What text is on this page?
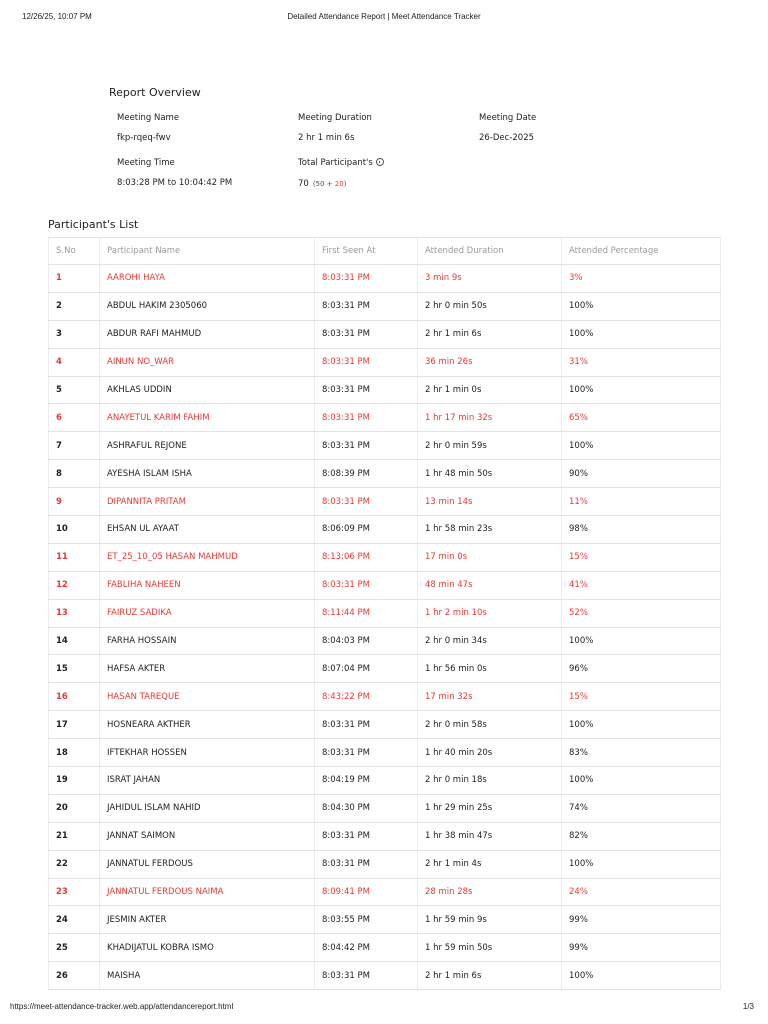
12/26/25, 10:07 PM	Detailed Attendance Report | Meet Attendance Tracker
Report Overview
Meeting Name
fkp-rqeq-fwv
Meeting Duration
2 hr 1 min 6s
Meeting Date
26-Dec-2025
Meeting Time
8:03:28 PM to 10:04:42 PM
Total Participant's
70 (50 + 20)
Participant's List
S.No	Participant Name	First Seen At	Attended Duration	Attended Percentage
1	AAROHI HAYA	8:03:31 PM	3 min 9s	3%
2	ABDUL HAKIM 2305060	8:03:31 PM	2 hr 0 min 50s	100%
3	ABDUR RAFI MAHMUD	8:03:31 PM	2 hr 1 min 6s	100%
4	AINUN NO_WAR	8:03:31 PM	36 min 26s	31%
5	AKHLAS UDDIN	8:03:31 PM	2 hr 1 min 0s	100%
6	ANAYETUL KARIM FAHIM	8:03:31 PM	1 hr 17 min 32s	65%
7	ASHRAFUL REJONE	8:03:31 PM	2 hr 0 min 59s	100%
8	AYESHA ISLAM ISHA	8:08:39 PM	1 hr 48 min 50s	90%
9	DIPANNITA PRITAM	8:03:31 PM	13 min 14s	11%
10	EHSAN UL AYAAT	8:06:09 PM	1 hr 58 min 23s	98%
11	ET_25_10_05 HASAN MAHMUD	8:13:06 PM	17 min 0s	15%
12	FABLIHA NAHEEN	8:03:31 PM	48 min 47s	41%
13	FAIRUZ SADIKA	8:11:44 PM	1 hr 2 min 10s	52%
14	FARHA HOSSAIN	8:04:03 PM	2 hr 0 min 34s	100%
15	HAFSA AKTER	8:07:04 PM	1 hr 56 min 0s	96%
16	HASAN TAREQUE	8:43:22 PM	17 min 32s	15%
17	HOSNEARA AKTHER	8:03:31 PM	2 hr 0 min 58s	100%
18	IFTEKHAR HOSSEN	8:03:31 PM	1 hr 40 min 20s	83%
19	ISRAT JAHAN	8:04:19 PM	2 hr 0 min 18s	100%
20	JAHIDUL ISLAM NAHID	8:04:30 PM	1 hr 29 min 25s	74%
21	JANNAT SAIMON	8:03:31 PM	1 hr 38 min 47s	82%
22	JANNATUL FERDOUS	8:03:31 PM	2 hr 1 min 4s	100%
23	JANNATUL FERDOUS NAIMA	8:09:41 PM	28 min 28s	24%
24	JESMIN AKTER	8:03:55 PM	1 hr 59 min 9s	99%
25	KHADIJATUL KOBRA ISMO	8:04:42 PM	1 hr 59 min 50s	99%
26	MAISHA	8:03:31 PM	2 hr 1 min 6s	100%
https://meet-attendance-tracker.web.app/attendancereport.html	1/3
